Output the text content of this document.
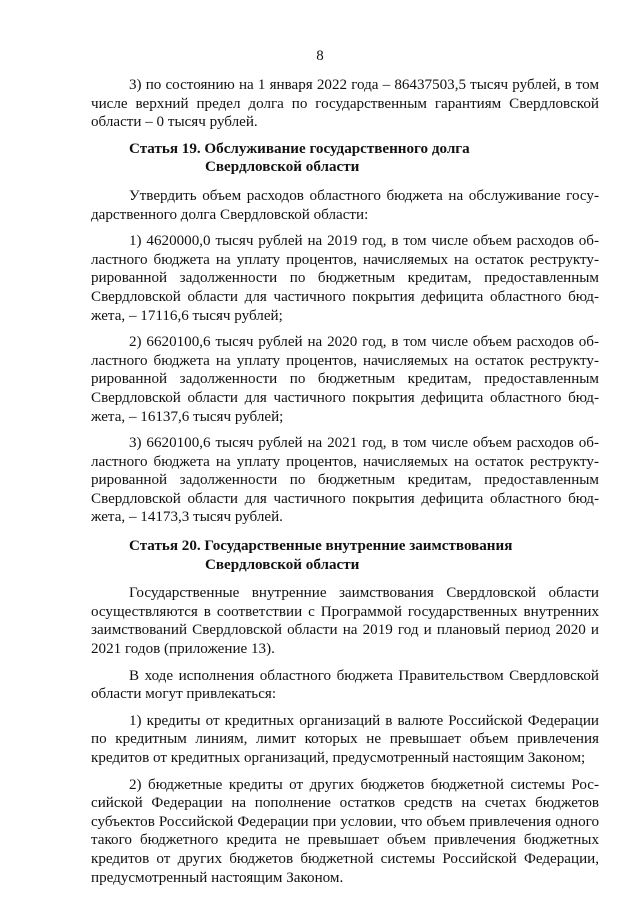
8

3) по состоянию на 1 января 2022 года – 86437503,5 тысяч рублей, в том числе верхний предел долга по государственным гарантиям Свердловской области – 0 тысяч рублей.

Статья 19. Обслуживание государственного долга
Свердловской области

Утвердить объем расходов областного бюджета на обслуживание государственного долга Свердловской области:

1) 4620000,0 тысяч рублей на 2019 год, в том числе объем расходов областного бюджета на уплату процентов, начисляемых на остаток реструктурированной задолженности по бюджетным кредитам, предоставленным Свердловской области для частичного покрытия дефицита областного бюджета, – 17116,6 тысяч рублей;

2) 6620100,6 тысяч рублей на 2020 год, в том числе объем расходов областного бюджета на уплату процентов, начисляемых на остаток реструктурированной задолженности по бюджетным кредитам, предоставленным Свердловской области для частичного покрытия дефицита областного бюджета, – 16137,6 тысяч рублей;

3) 6620100,6 тысяч рублей на 2021 год, в том числе объем расходов областного бюджета на уплату процентов, начисляемых на остаток реструктурированной задолженности по бюджетным кредитам, предоставленным Свердловской области для частичного покрытия дефицита областного бюджета, – 14173,3 тысяч рублей.

Статья 20. Государственные внутренние заимствования
Свердловской области

Государственные внутренние заимствования Свердловской области осуществляются в соответствии с Программой государственных внутренних заимствований Свердловской области на 2019 год и плановый период 2020 и 2021 годов (приложение 13).

В ходе исполнения областного бюджета Правительством Свердловской области могут привлекаться:

1) кредиты от кредитных организаций в валюте Российской Федерации по кредитным линиям, лимит которых не превышает объем привлечения кредитов от кредитных организаций, предусмотренный настоящим Законом;

2) бюджетные кредиты от других бюджетов бюджетной системы Российской Федерации на пополнение остатков средств на счетах бюджетов субъектов Российской Федерации при условии, что объем привлечения одного такого бюджетного кредита не превышает объем привлечения бюджетных кредитов от других бюджетов бюджетной системы Российской Федерации, предусмотренный настоящим Законом.
